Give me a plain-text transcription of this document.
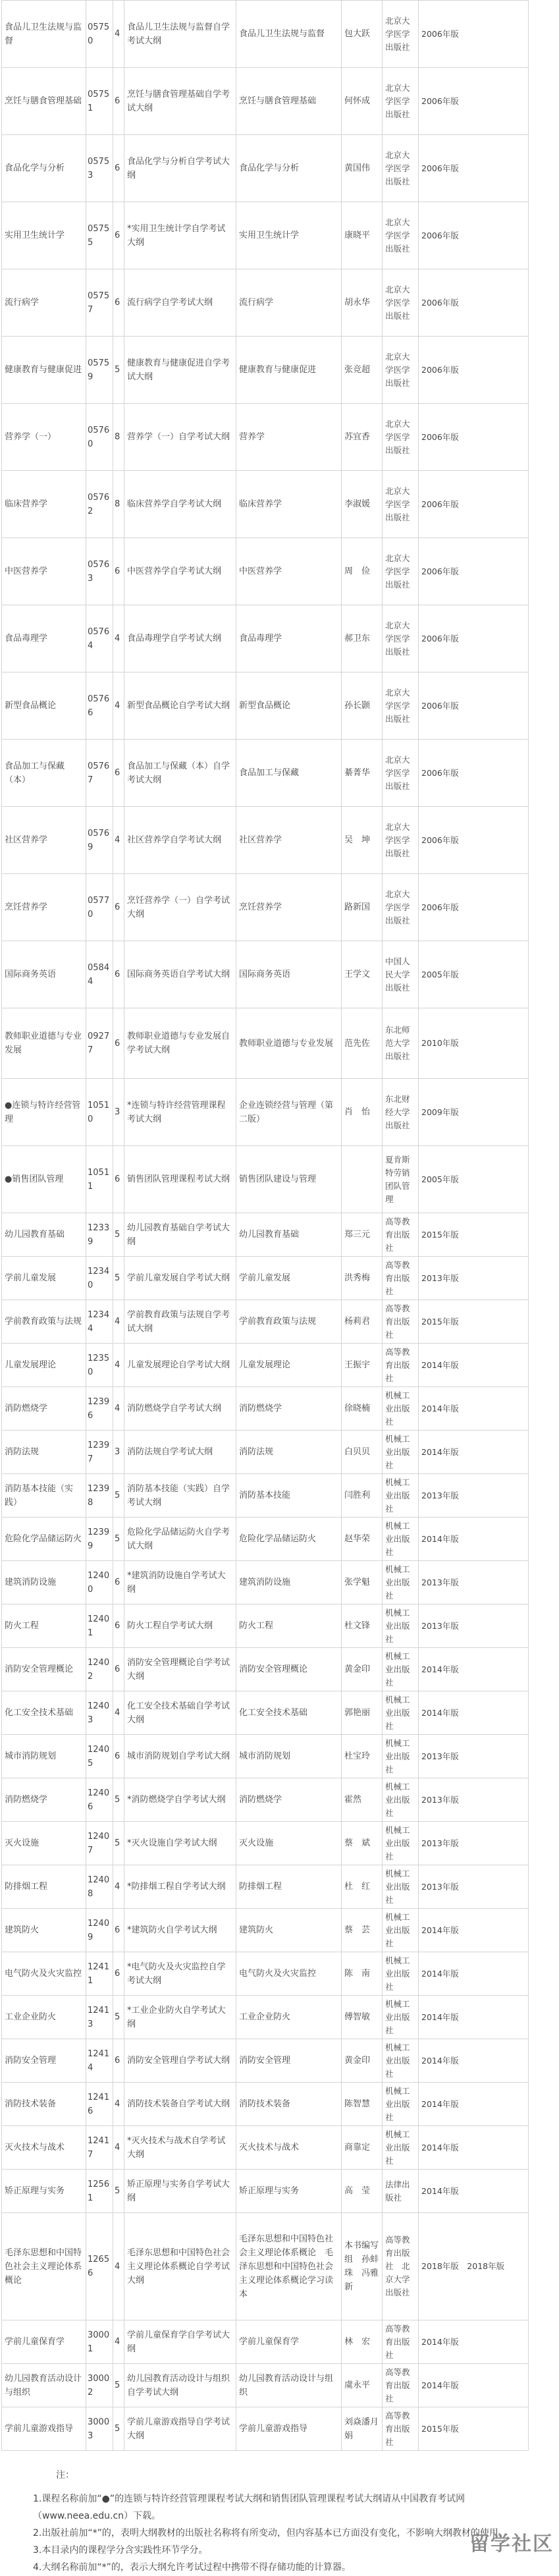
食品儿卫生法规与监督	05750	4	食品儿卫生法规与监督自学考试大纲	食品儿卫生法规与监督	包大跃	北京大学医学出版社	2006年版
烹饪与膳食管理基础	05751	6	烹饪与膳食管理基础自学考试大纲	烹饪与膳食管理基础	何怀成	北京大学医学出版社	2006年版
食品化学与分析	05753	6	食品化学与分析自学考试大纲	食品化学与分析	黄国伟	北京大学医学出版社	2006年版
实用卫生统计学	05755	6	*实用卫生统计学自学考试大纲	实用卫生统计学	康晓平	北京大学医学出版社	2006年版
流行病学	05757	6	流行病学自学考试大纲	流行病学	胡永华	北京大学医学出版社	2006年版
健康教育与健康促进	05759	5	健康教育与健康促进自学考试大纲	健康教育与健康促进	张竞超	北京大学医学出版社	2006年版
营养学（一）	05760	8	营养学（一）自学考试大纲	营养学	苏宜香	北京大学医学出版社	2006年版
临床营养学	05762	8	临床营养学自学考试大纲	临床营养学	李淑媛	北京大学医学出版社	2006年版
中医营养学	05763	6	中医营养学自学考试大纲	中医营养学	周　俭	北京大学医学出版社	2006年版
食品毒理学	05764	4	食品毒理学自学考试大纲	食品毒理学	郝卫东	北京大学医学出版社	2006年版
新型食品概论	05766	4	新型食品概论自学考试大纲	新型食品概论	孙长颢	北京大学医学出版社	2006年版
食品加工与保藏（本）	05767	6	食品加工与保藏（本）自学考试大纲	食品加工与保藏	綦菁华	北京大学医学出版社	2006年版
社区营养学	05769	4	社区营养学自学考试大纲	社区营养学	吴　坤	北京大学医学出版社	2006年版
烹饪营养学	05770	6	烹饪营养学（一）自学考试大纲	烹饪营养学	路新国	北京大学医学出版社	2006年版
国际商务英语	05844	6	国际商务英语自学考试大纲	国际商务英语	王学文	中国人民大学出版社	2005年版
教师职业道德与专业发展	09277	6	教师职业道德与专业发展自学考试大纲	教师职业道德与专业发展	范先佐	东北师范大学出版社	2010年版
●连锁与特许经营管理	10510	3	*连锁与特许经营管理课程考试大纲	企业连锁经营与管理（第二版）	肖　怡	东北财经大学出版社	2009年版
●销售团队管理	10511	6	销售团队管理课程考试大纲	销售团队建设与管理		夏肯斯特劳销团队管理	2005年版
幼儿园教育基础	12339	5	幼儿园教育基础自学考试大纲	幼儿园教育基础	郑三元	高等教育出版社	2015年版
学前儿童发展	12340	5	学前儿童发展自学考试大纲	学前儿童发展	洪秀梅	高等教育出版社	2013年版
学前教育政策与法规	12344	4	学前教育政策与法规自学考试大纲	学前教育政策与法规	杨莉君	高等教育出版社	2015年版
儿童发展理论	12350	4	儿童发展理论自学考试大纲	儿童发展理论	王振宇	高等教育出版社	2014年版
消防燃烧学	12396	4	消防燃烧学自学考试大纲	消防燃烧学	徐晓楠	机械工业出版社	2014年版
消防法规	12397	3	消防法规自学考试大纲	消防法规	白贝贝	机械工业出版社	2014年版
消防基本技能（实践）	12398	5	消防基本技能（实践）自学考试大纲	消防基本技能	闫胜利	机械工业出版社	2013年版
危险化学品储运防火	12399	5	危险化学品储运防火自学考试大纲	危险化学品储运防火	赵华荣	机械工业出版社	2014年版
建筑消防设施	12400	6	*建筑消防设施自学考试大纲	建筑消防设施	张学魁	机械工业出版社	2013年版
防火工程	12401	6	防火工程自学考试大纲	防火工程	杜文锋	机械工业出版社	2013年版
消防安全管理概论	12402	6	消防安全管理概论自学考试大纲	消防安全管理概论	黄金印	机械工业出版社	2014年版
化工安全技术基础	12403	4	化工安全技术基础自学考试大纲	化工安全技术基础	郭艳丽	机械工业出版社	2014年版
城市消防规划	12405	6	城市消防规划自学考试大纲	城市消防规划	杜宝玲	机械工业出版社	2013年版
消防燃烧学	12406	5	*消防燃烧学自学考试大纲	消防燃烧学	霍然	机械工业出版社	2013年版
灭火设施	12407	5	*灭火设施自学考试大纲	灭火设施	蔡　斌	机械工业出版社	2013年版
防排烟工程	12408	4	*防排烟工程自学考试大纲	防排烟工程	杜　红	机械工业出版社	2013年版
建筑防火	12409	6	*建筑防火自学考试大纲	建筑防火	蔡　芸	机械工业出版社	2014年版
电气防火及火灾监控	12411	6	*电气防火及火灾监控自学考试大纲	电气防火及火灾监控	陈　南	机械工业出版社	2014年版
工业企业防火	12413	5	*工业企业防火自学考试大纲	工业企业防火	傅智敏	机械工业出版社	2014年版
消防安全管理	12414	6	消防安全管理自学考试大纲	消防安全管理	黄金印	机械工业出版社	2014年版
消防技术装备	12416	4	消防技术装备自学考试大纲	消防技术装备	陈智慧	机械工业出版社	2014年版
灭火技术与战术	12417	4	*灭火技术与战术自学考试大纲	灭火技术与战术	商靠定	机械工业出版社	2014年版
矫正原理与实务	12561	5	矫正原理与实务自学考试大纲	矫正原理与实务	高　莹	法律出版社	2014年版
毛泽东思想和中国特色社会主义理论体系概论	12656	4	毛泽东思想和中国特色社会主义理论体系概论自学考试大纲	毛泽东思想和中国特色社会主义理论体系概论　毛泽东思想和中国特色社会主义理论体系概论学习读本	本书编写组　孙蚌珠　冯雅新	高等教育出版社　北京大学出版社	2018年版　2018年版
学前儿童保育学	30001	4	学前儿童保育学自学考试大纲	学前儿童保育学	林　宏	高等教育出版社	2014年版
幼儿园教育活动设计与组织	30002	5	幼儿园教育活动设计与组织自学考试大纲	幼儿园教育活动设计与组织	虞永平	高等教育出版社	2014年版
学前儿童游戏指导	30003	5	学前儿童游戏指导自学考试大纲	学前儿童游戏指导	刘焱潘月娟	高等教育出版社	2015年版
注：
1.课程名称前加“●”的连锁与特许经营管理课程考试大纲和销售团队管理课程考试大纲请从中国教育考试网（www.neea.edu.cn）下载。
2.出版社前加“*”的，表明大纲教材的出版社名称将有所变动，但内容基本已方面没有变化，不影响大纲教材的使用。
3.本目录内的课程学分含实践性环节学分。
4.大纲名称前加“*”的，表示大纲允许考试过程中携带不得存储功能的计算器。
留学社区
